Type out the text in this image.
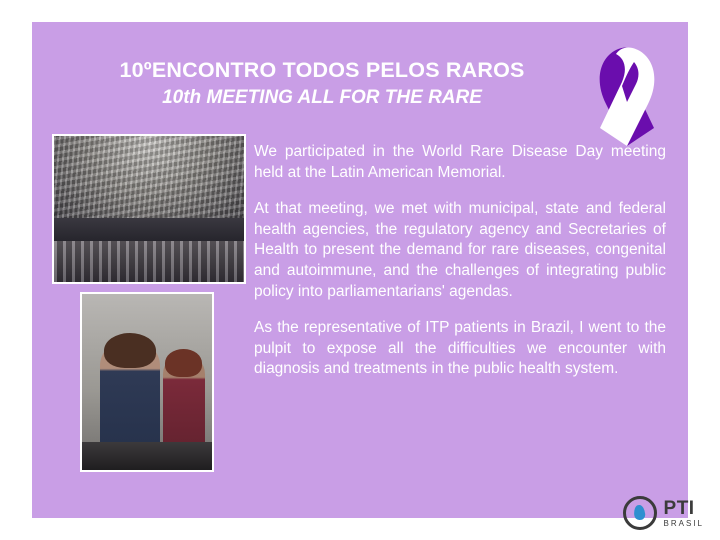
10ºENCONTRO TODOS PELOS RAROS
10th MEETING ALL FOR THE RARE

We participated in the World Rare Disease Day meeting held at the Latin American Memorial.

At that meeting, we met with municipal, state and federal health agencies, the regulatory agency and Secretaries of Health to present the demand for rare diseases, congenital and autoimmune, and the challenges of integrating public policy into parliamentarians' agendas.

As the representative of ITP patients in Brazil, I went to the pulpit to expose all the difficulties we encounter with diagnosis and treatments in the public health system.

PTI
BRASIL
